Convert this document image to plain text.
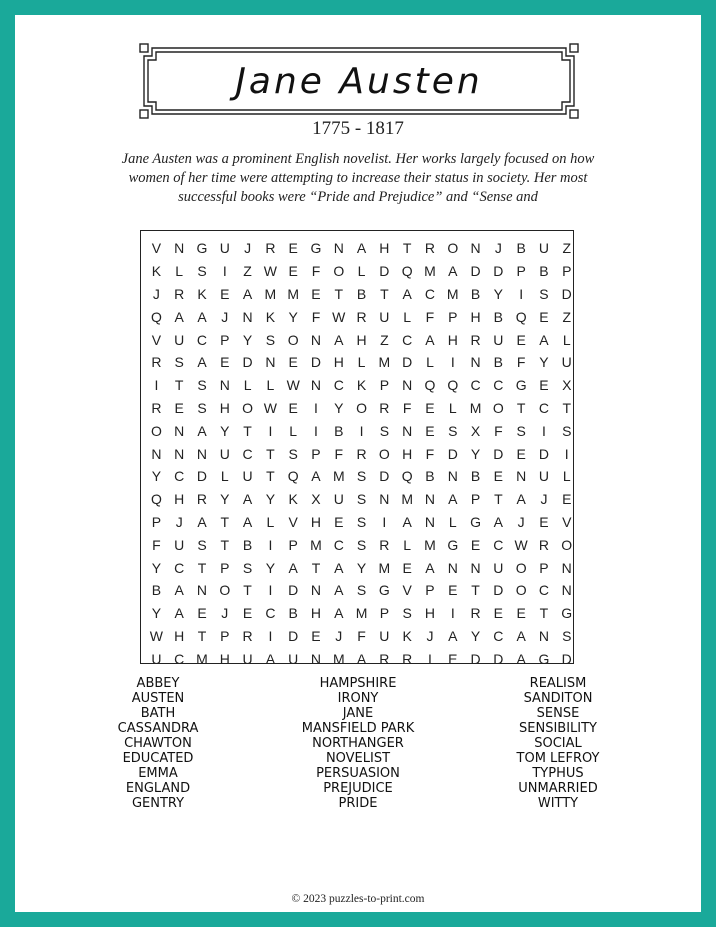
Jane Austen
1775 - 1817
Jane Austen was a prominent English novelist. Her works largely focused on how women of her time were attempting to increase their status in society. Her most successful books were “Pride and Prejudice” and “Sense and
V N G U	J	R E G N A H T R O N	J	B U Z
K	L	S	I	Z W E F O L D Q M A D D P B P
J	R K E A M M E T B T A C M B Y	I	S D
Q A A	J	N K Y F W R U L	F P H B Q E Z
V U C P Y S O N A H Z C A H R U E A	L
R S A E D N E D H L M D L	I	N B F Y U
I	T S N L	L W N C K P N Q Q C C G E X
R E S H O W E	I	Y O R F E	L M O T C T
O N A Y T	I	L	I	B	I	S N E S X F S	I	S
N N N U C T S P F R O H F D Y D E D	I
Y C D L U T Q A M S D Q B N B E N U L
Q H R Y A Y K X U S N M N A P T A	J	E
P	J	A T A	L	V H E S	I	A N L G A	J	E V
F U S T B	I	P M C S R L M G E C W R O
Y C T P S Y A T A Y M E A N N U O P N
B A N O T	I	D N A S G V P E T D O C N
Y A E	J	E C B H A M P S H	I	R E E T G
W H T P R	I	D E	J	F U K	J	A Y C A N S
U C M H U A U N M A R R	I	E D D A G D
ABBEY
AUSTEN
BATH
CASSANDRA
CHAWTON
EDUCATED
EMMA
ENGLAND
GENTRY
HAMPSHIRE
IRONY
JANE
MANSFIELD PARK
NORTHANGER
NOVELIST
PERSUASION
PREJUDICE
PRIDE
REALISM
SANDITON
SENSE
SENSIBILITY
SOCIAL
TOM LEFROY
TYPHUS
UNMARRIED
WITTY
© 2023 puzzles-to-print.com
